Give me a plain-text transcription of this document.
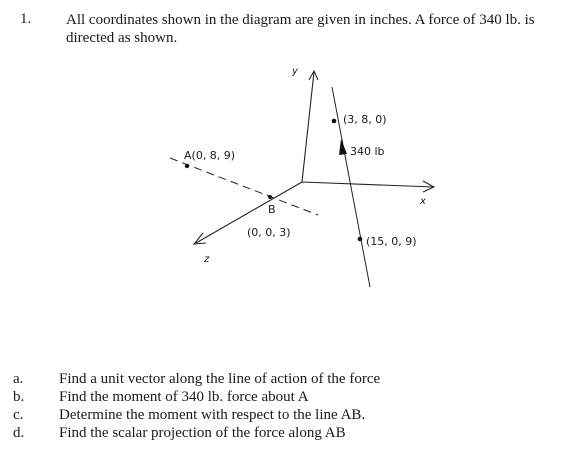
1. All coordinates shown in the diagram are given in inches. A force of 340 lb. is directed as shown.
y
x
z
A(0, 8, 9)
B
(0, 0, 3)
(3, 8, 0)
340 lb
(15, 0, 9)
a. Find a unit vector along the line of action of the force
b. Find the moment of 340 lb. force about A
c. Determine the moment with respect to the line AB.
d. Find the scalar projection of the force along AB
